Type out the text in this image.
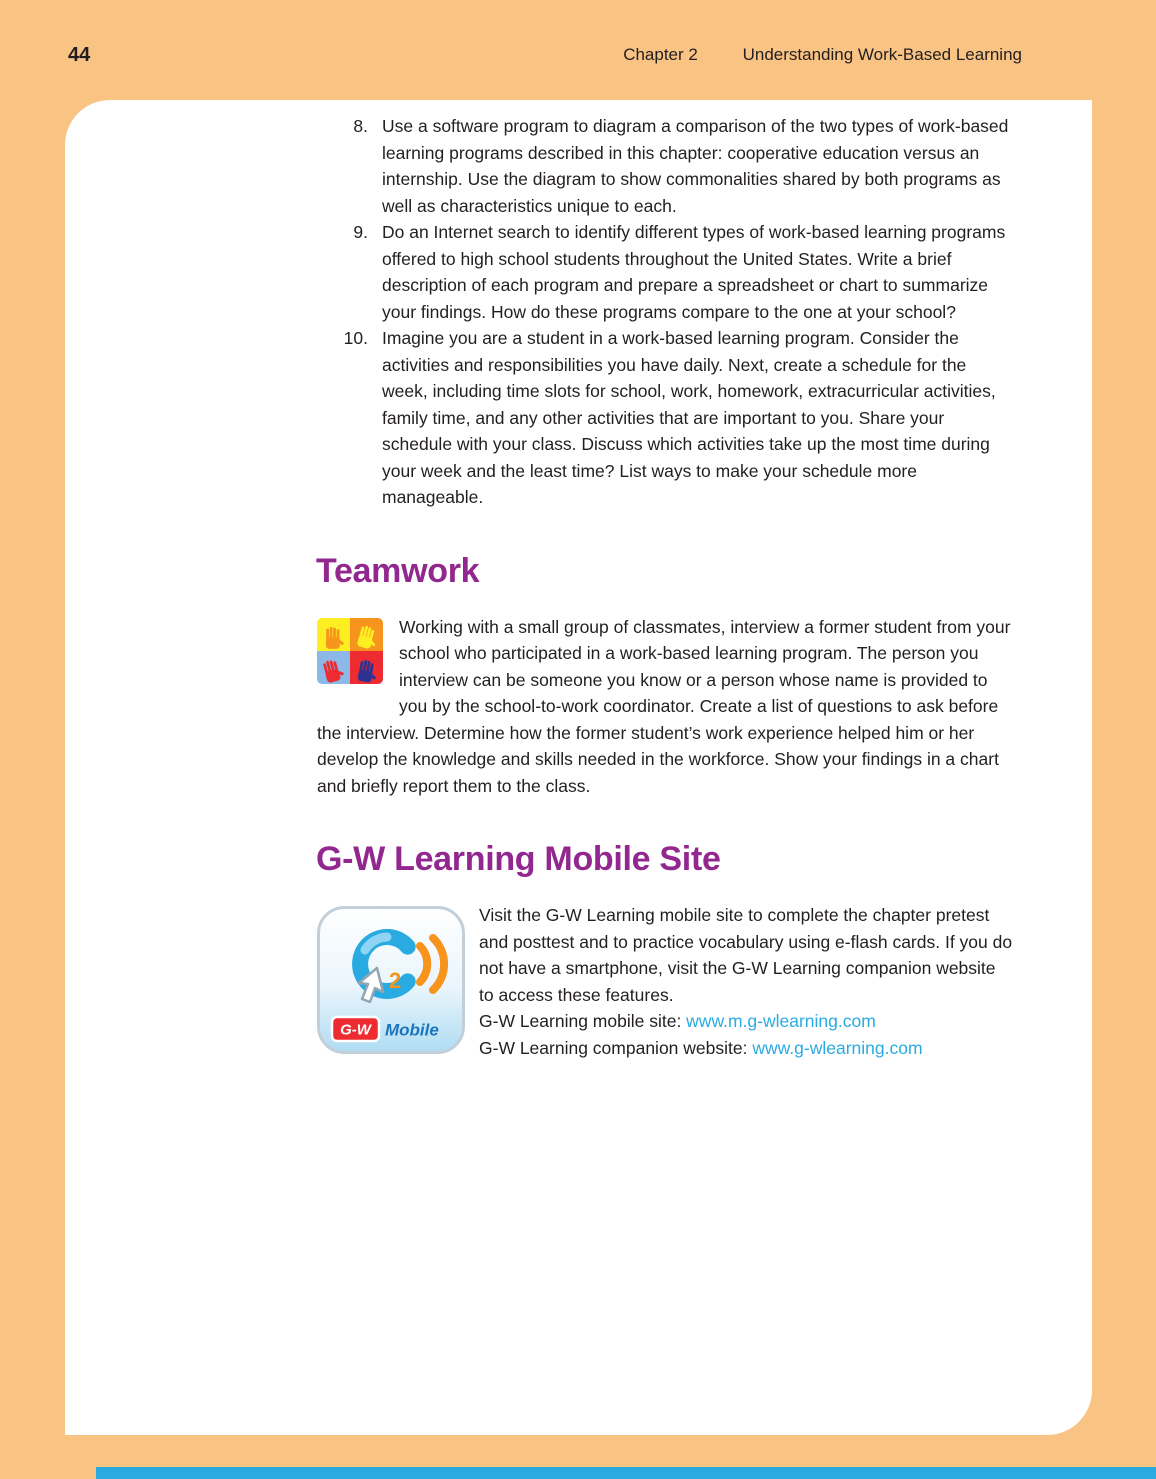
44	Chapter 2	Understanding Work-Based Learning
8. Use a software program to diagram a comparison of the two types of work-based learning programs described in this chapter: cooperative education versus an internship. Use the diagram to show commonalities shared by both programs as well as characteristics unique to each.
9. Do an Internet search to identify different types of work-based learning programs offered to high school students throughout the United States. Write a brief description of each program and prepare a spreadsheet or chart to summarize your findings. How do these programs compare to the one at your school?
10. Imagine you are a student in a work-based learning program. Consider the activities and responsibilities you have daily. Next, create a schedule for the week, including time slots for school, work, homework, extracurricular activities, family time, and any other activities that are important to you. Share your schedule with your class. Discuss which activities take up the most time during your week and the least time? List ways to make your schedule more manageable.
Teamwork

Working with a small group of classmates, interview a former student from your school who participated in a work-based learning program. The person you interview can be someone you know or a person whose name is provided to you by the school-to-work coordinator. Create a list of questions to ask before the interview. Determine how the former student’s work experience helped him or her develop the knowledge and skills needed in the workforce. Show your findings in a chart and briefly report them to the class.

G-W Learning Mobile Site
2
G-W Mobile

Visit the G-W Learning mobile site to complete the chapter pretest and posttest and to practice vocabulary using e-flash cards. If you do not have a smartphone, visit the G-W Learning companion website to access these features.

G-W Learning mobile site: www.m.g-wlearning.com

G-W Learning companion website: www.g-wlearning.com
